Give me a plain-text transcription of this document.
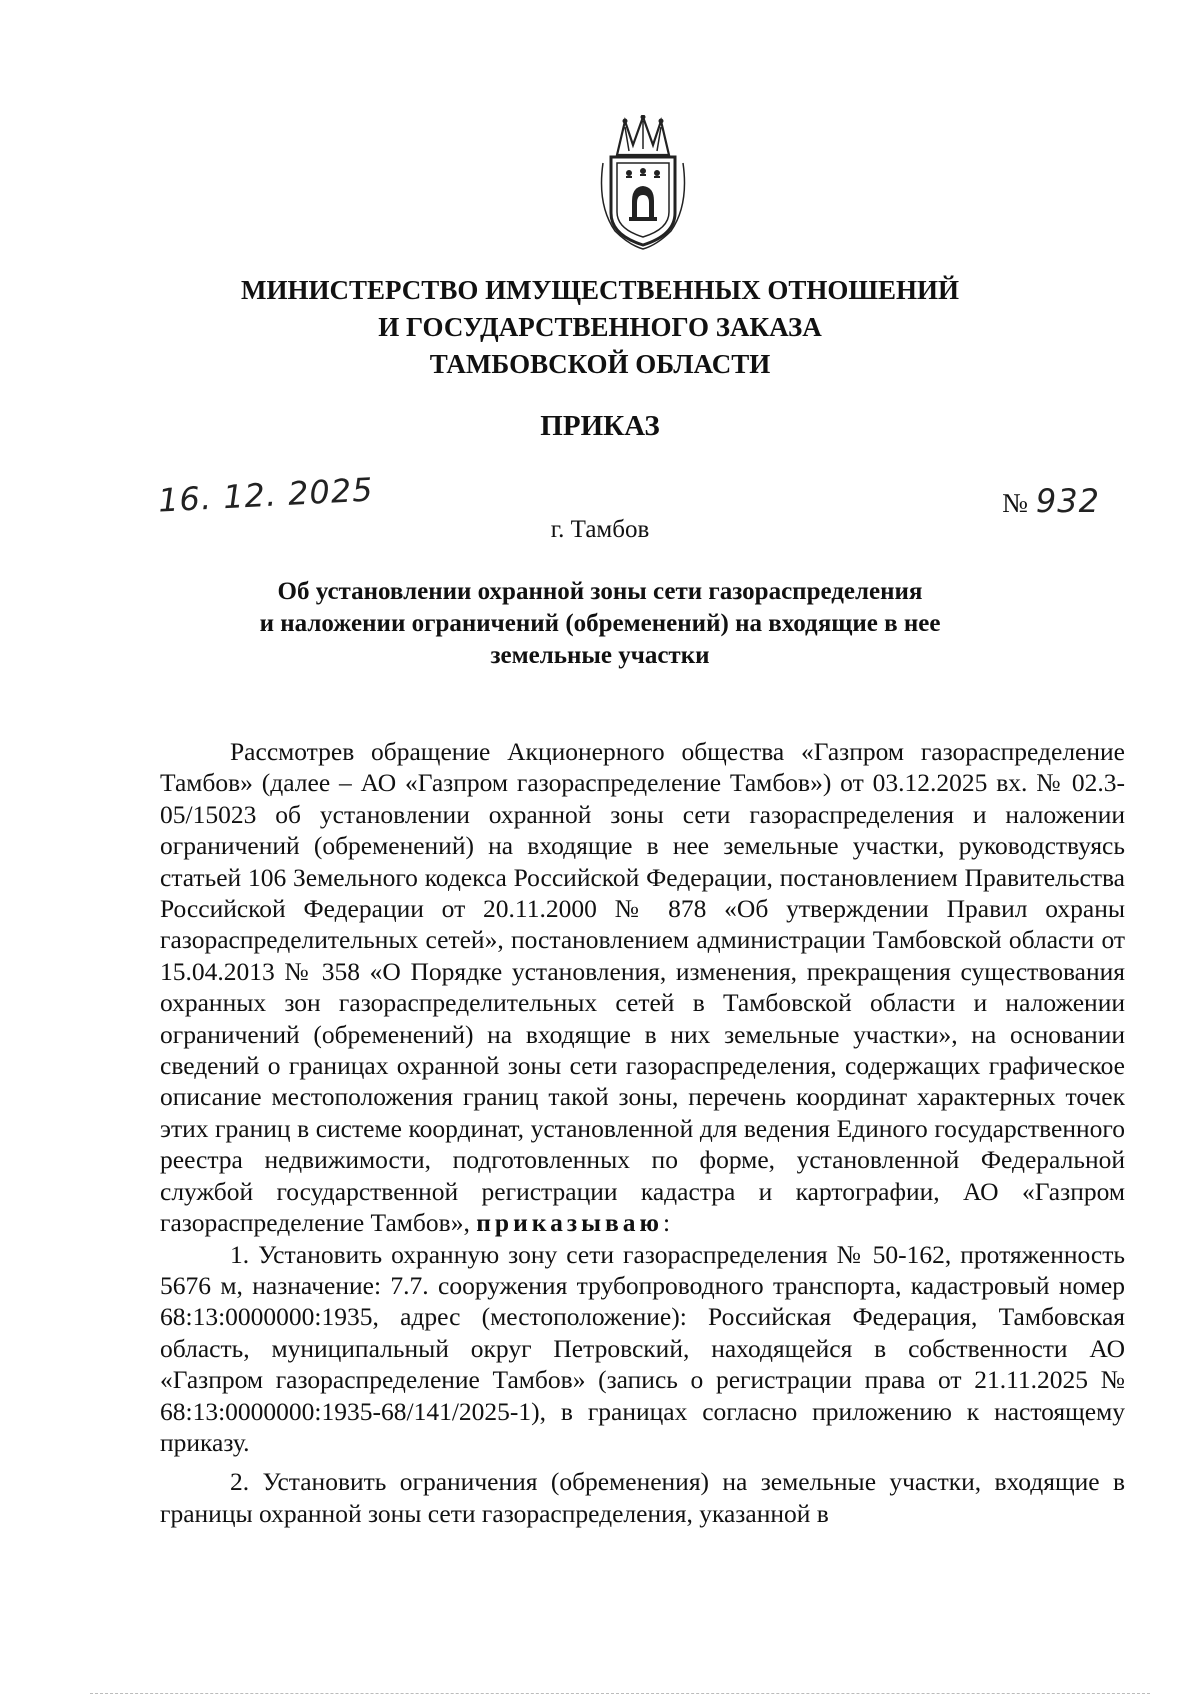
МИНИСТЕРСТВО ИМУЩЕСТВЕННЫХ ОТНОШЕНИЙ
И ГОСУДАРСТВЕННОГО ЗАКАЗА
ТАМБОВСКОЙ ОБЛАСТИ
ПРИКАЗ
16. 12. 2025	№ 932
г. Тамбов
Об установлении охранной зоны сети газораспределения
и наложении ограничений (обременений) на входящие в нее
земельные участки

Рассмотрев обращение Акционерного общества «Газпром газораспределение Тамбов» (далее – АО «Газпром газораспределение Тамбов») от 03.12.2025 вх. № 02.3-05/15023 об установлении охранной зоны сети газораспределения и наложении ограничений (обременений) на входящие в нее земельные участки, руководствуясь статьей 106 Земельного кодекса Российской Федерации, постановлением Правительства Российской Федерации от 20.11.2000 № 878 «Об утверждении Правил охраны газораспределительных сетей», постановлением администрации Тамбовской области от 15.04.2013 № 358 «О Порядке установления, изменения, прекращения существования охранных зон газораспределительных сетей в Тамбовской области и наложении ограничений (обременений) на входящие в них земельные участки», на основании сведений о границах охранной зоны сети газораспределения, содержащих графическое описание местоположения границ такой зоны, перечень координат характерных точек этих границ в системе координат, установленной для ведения Единого государственного реестра недвижимости, подготовленных по форме, установленной Федеральной службой государственной регистрации кадастра и картографии, АО «Газпром газораспределение Тамбов», приказываю:

1. Установить охранную зону сети газораспределения № 50-162, протяженность 5676 м, назначение: 7.7. сооружения трубопроводного транспорта, кадастровый номер 68:13:0000000:1935, адрес (местоположение): Российская Федерация, Тамбовская область, муниципальный округ Петровский, находящейся в собственности АО «Газпром газораспределение Тамбов» (запись о регистрации права от 21.11.2025 № 68:13:0000000:1935-68/141/2025-1), в границах согласно приложению к настоящему приказу.

2. Установить ограничения (обременения) на земельные участки, входящие в границы охранной зоны сети газораспределения, указанной в
